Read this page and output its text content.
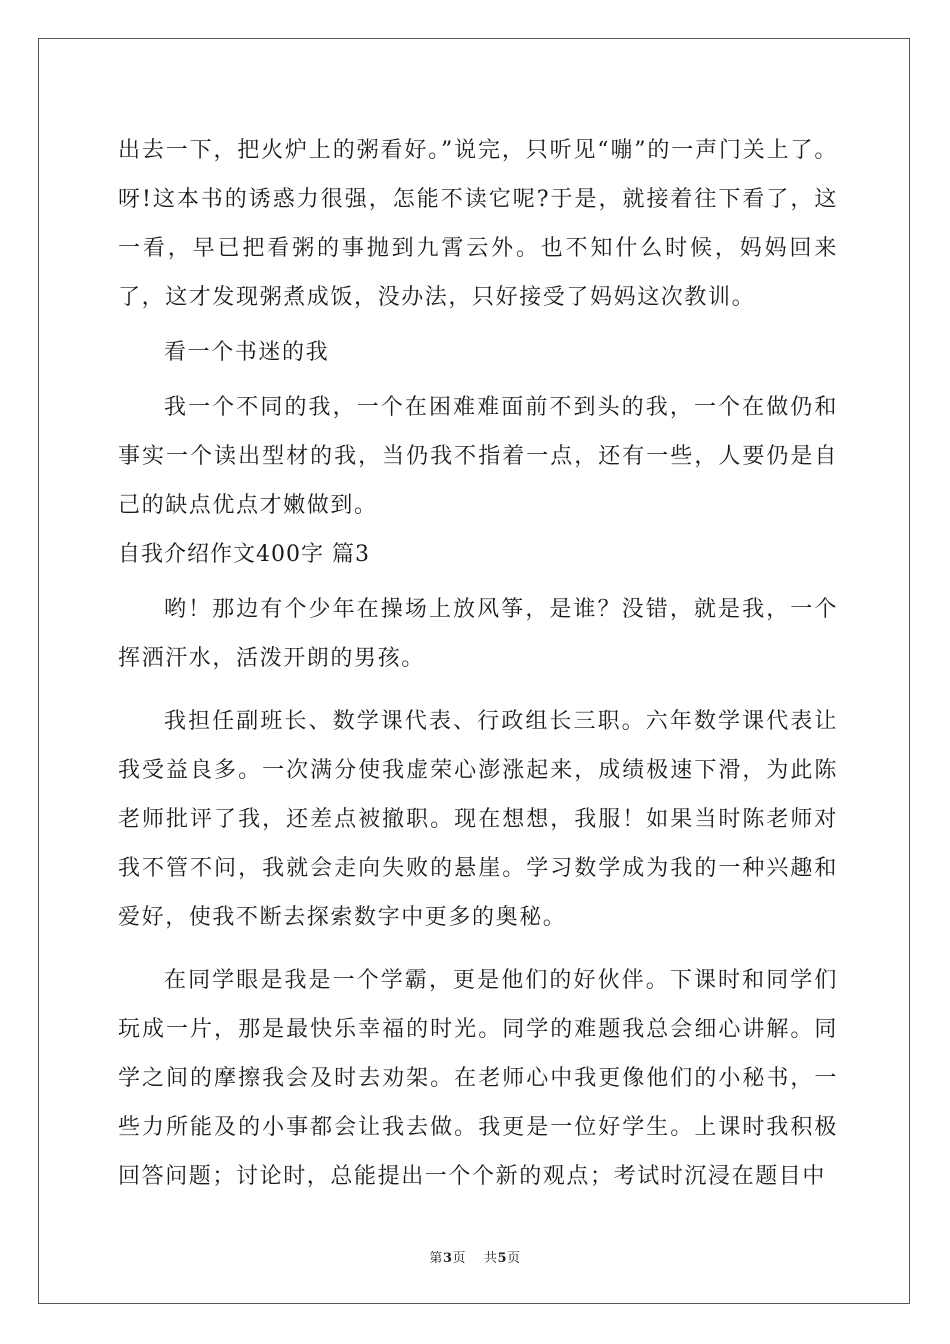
出去一下，把火炉上的粥看好。”说完，只听见“嘣”的一声门关上了。呀!这本书的诱惑力很强，怎能不读它呢?于是，就接着往下看了，这一看，早已把看粥的事抛到九霄云外。也不知什么时候，妈妈回来了，这才发现粥煮成饭，没办法，只好接受了妈妈这次教训。

看一个书迷的我

我一个不同的我，一个在困难难面前不到头的我，一个在做仍和事实一个读出型材的我，当仍我不指着一点，还有一些，人要仍是自己的缺点优点才嫩做到。

自我介绍作文400字 篇3

哟！那边有个少年在操场上放风筝，是谁？没错，就是我，一个挥洒汗水，活泼开朗的男孩。

我担任副班长、数学课代表、行政组长三职。六年数学课代表让我受益良多。一次满分使我虚荣心澎涨起来，成绩极速下滑，为此陈老师批评了我，还差点被撤职。现在想想，我服！如果当时陈老师对我不管不问，我就会走向失败的悬崖。学习数学成为我的一种兴趣和爱好，使我不断去探索数字中更多的奥秘。

在同学眼是我是一个学霸，更是他们的好伙伴。下课时和同学们玩成一片，那是最快乐幸福的时光。同学的难题我总会细心讲解。同学之间的摩擦我会及时去劝架。在老师心中我更像他们的小秘书，一些力所能及的小事都会让我去做。我更是一位好学生。上课时我积极回答问题；讨论时，总能提出一个个新的观点；考试时沉浸在题目中

第3页 共5页
